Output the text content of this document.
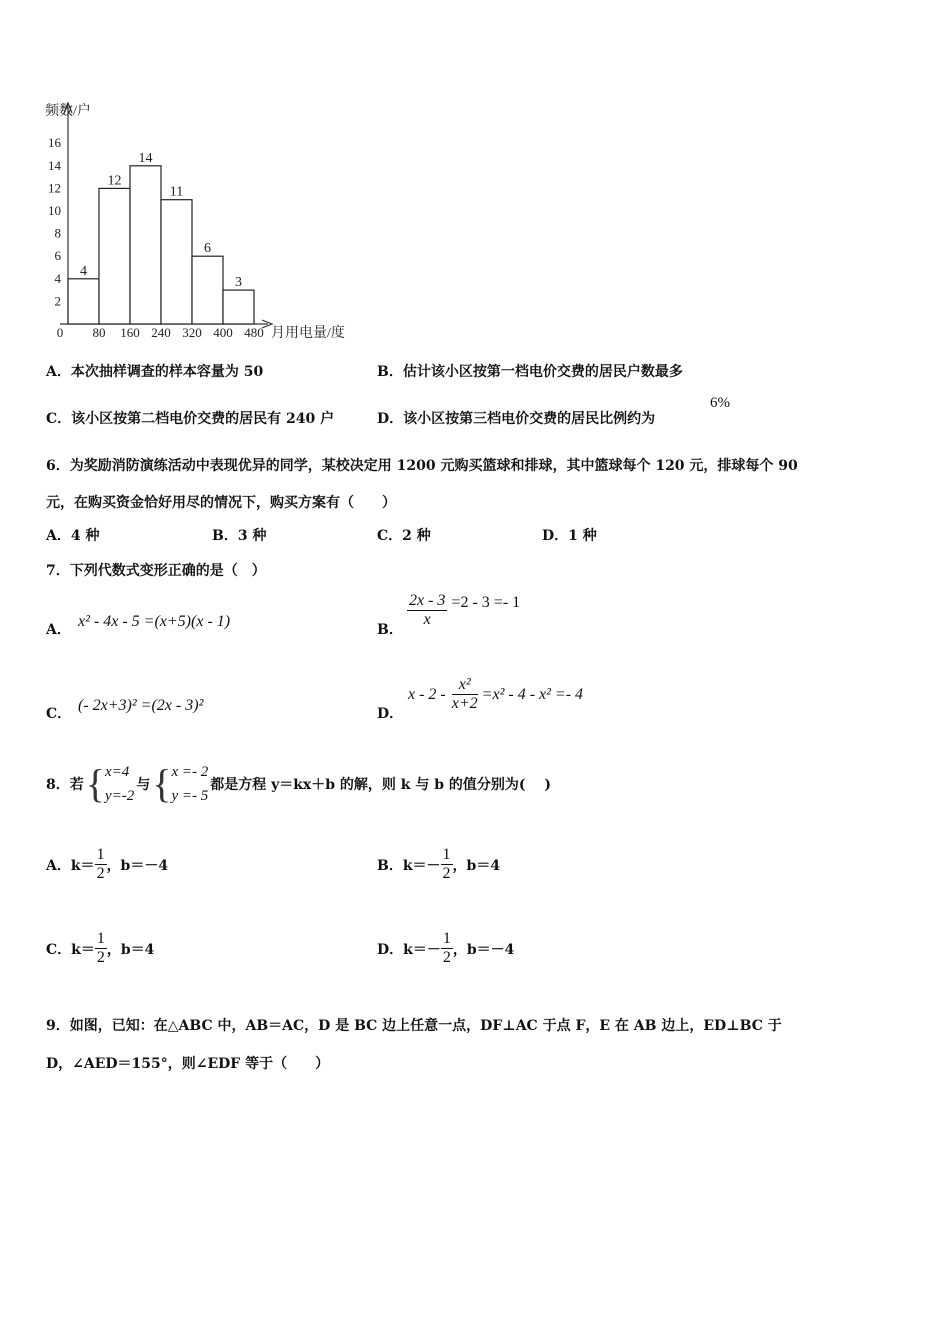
频数/户
月用电量/度
2
4
6
8
10
12
14
16
0 80 160 240 320 400 480
4
12
14
11
6
3
A．本次抽样调查的样本容量为 50	B．估计该小区按第一档电价交费的居民户数最多
C．该小区按第二档电价交费的居民有 240 户	D．该小区按第三档电价交费的居民比例约为
6%
6．为奖励消防演练活动中表现优异的同学，某校决定用 1200 元购买篮球和排球，其中篮球每个 120 元，排球每个 90
元，在购买资金恰好用尽的情况下，购买方案有（　　）
A．4 种	B．3 种	C．2 种	D．1 种
7．下列代数式变形正确的是（　）
A． x² - 4x - 5 =(x+5)(x - 1)	B．
$\frac{2x - 3}{x} =2 - 3 =- 1$
C． (- 2x+3)² =(2x - 3)²	D．
$x - 2 - \frac{\text{x²}}{x+2} =x^2 - 4 - x^2 =- 4$
8．若 { x=4
y=-2
与 { x =- 2
y =- 5
都是方程 y＝kx＋b 的解，则 k 与 b 的值分别为(　 )
A．$k= \frac{1}{2}$ ，b＝－4	B．$k=- \frac{1}{2}$ ，b＝4
C．$k= \frac{1}{2}$ ，b＝4	D．$k=- \frac{1}{2}$ ，b＝－4
9．如图，已知：在△ABC 中，AB＝AC，D 是 BC 边上任意一点，DF⊥AC 于点 F，E 在 AB 边上，ED⊥BC 于
D，∠AED＝155°，则∠EDF 等于（　　）
